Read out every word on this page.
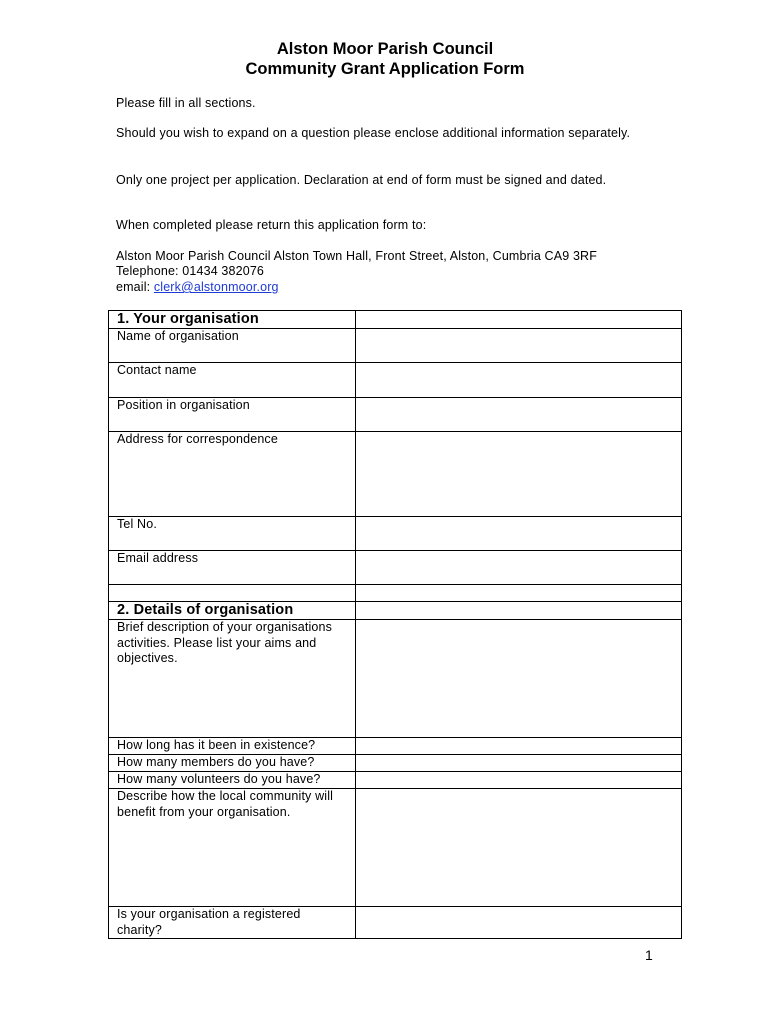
Alston Moor Parish Council
Community Grant Application Form
Please fill in all sections.
Should you wish to expand on a question please enclose additional information separately.
Only one project per application. Declaration at end of form must be signed and dated.
When completed please return this application form to:
Alston Moor Parish Council Alston Town Hall, Front Street, Alston, Cumbria CA9 3RF
Telephone: 01434 382076
email: clerk@alstonmoor.org
1. Your organisation	
Name of organisation	
Contact name	
Position in organisation	
Address for correspondence	
Tel No.	
Email address	

2. Details of organisation	
Brief description of your organisations activities. Please list your aims and objectives.	
How long has it been in existence?	
How many members do you have?	
How many volunteers do you have?	
Describe how the local community will benefit from your organisation.	
Is your organisation a registered charity?	
1
